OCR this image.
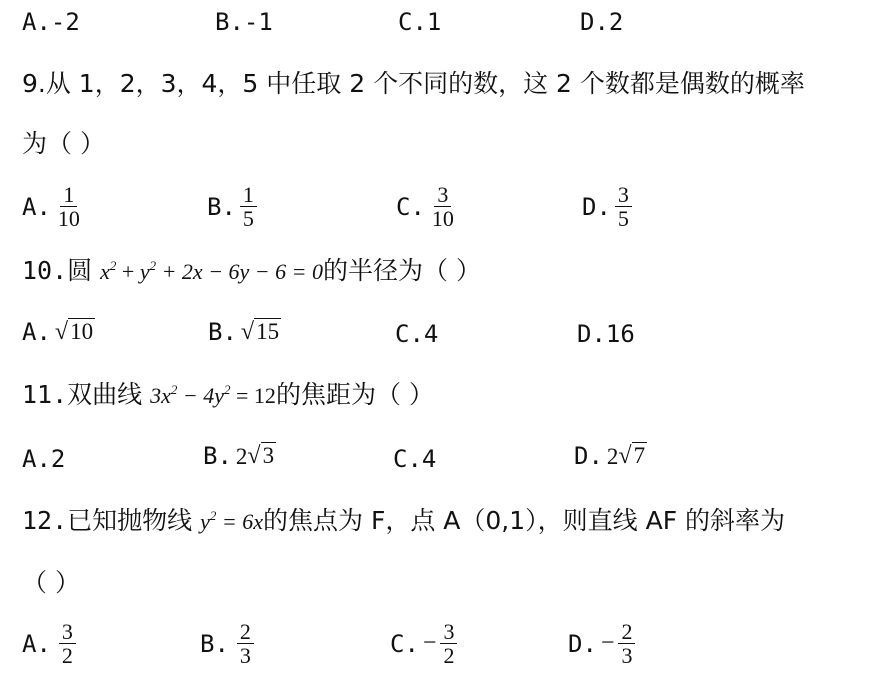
A. -2	B. -1	C. 1	D. 2
9.从 1，2，3，4，5 中任取 2 个不同的数，这 2 个数都是偶数的概率
为（ ）
A. $\frac{1}{10}$	B. $\frac{1}{5}$	C. $\frac{3}{10}$	D. $\frac{3}{5}$
10.圆 $x^2 + y^2 + 2x - 6y - 6 = 0$的半径为（ ）
A. √ 10	B. √ 15	C. 4	D. 16
11.双曲线 $3x^2 - 4y^2 = 12$的焦距为（ ）
A. 2	B. 2 √ 3	C. 4	D. 2 √ 7
12.已知抛物线 $y^2 = 6x$的焦点为 F，点 A（0,1），则直线 AF 的斜率为
（ ）
A. $\frac{3}{2}$	B. $\frac{2}{3}$	C. − $\frac{3}{2}$	D. − $\frac{2}{3}$
